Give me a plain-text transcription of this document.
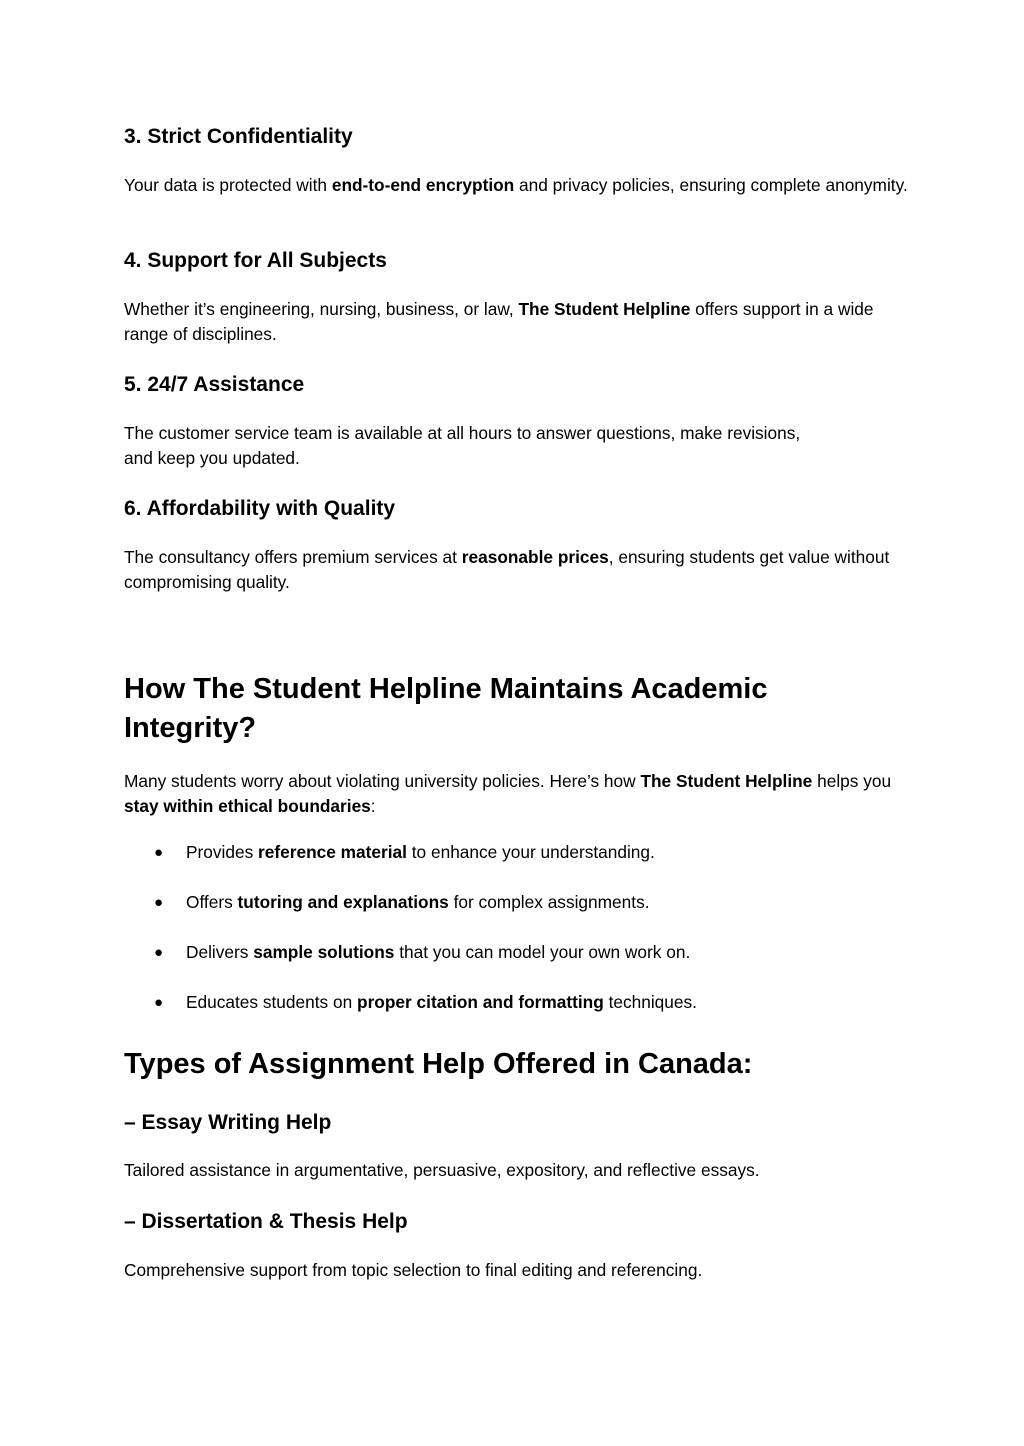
3. Strict Confidentiality

Your data is protected with end-to-end encryption and privacy policies, ensuring complete anonymity.

4. Support for All Subjects

Whether it’s engineering, nursing, business, or law, The Student Helpline offers support in a wide range of disciplines.

5. 24/7 Assistance

The customer service team is available at all hours to answer questions, make revisions,
and keep you updated.

6. Affordability with Quality

The consultancy offers premium services at reasonable prices, ensuring students get value without compromising quality.

How The Student Helpline Maintains Academic
Integrity?

Many students worry about violating university policies. Here’s how The Student Helpline helps you stay within ethical boundaries:

● Provides reference material to enhance your understanding.
● Offers tutoring and explanations for complex assignments.
● Delivers sample solutions that you can model your own work on.
● Educates students on proper citation and formatting techniques.
Types of Assignment Help Offered in Canada:
– Essay Writing Help

Tailored assistance in argumentative, persuasive, expository, and reflective essays.

– Dissertation & Thesis Help

Comprehensive support from topic selection to final editing and referencing.
